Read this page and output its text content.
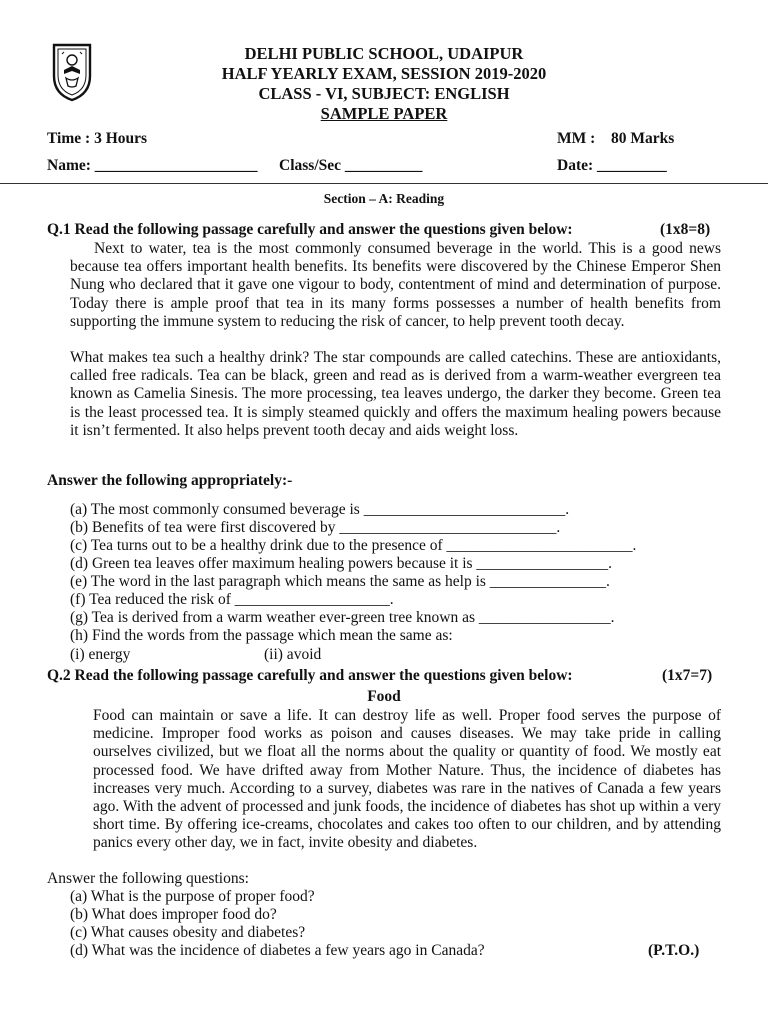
DELHI PUBLIC SCHOOL, UDAIPUR
HALF YEARLY EXAM, SESSION 2019-2020
CLASS - VI, SUBJECT: ENGLISH
SAMPLE PAPER
Time : 3 Hours	MM : 80 Marks
Name: _____________________ Class/Sec __________	Date: _________
Section – A: Reading
Q.1 Read the following passage carefully and answer the questions given below:	(1x8=8)
Next to water, tea is the most commonly consumed beverage in the world. This is a good news because tea offers important health benefits. Its benefits were discovered by the Chinese Emperor Shen Nung who declared that it gave one vigour to body, contentment of mind and determination of purpose. Today there is ample proof that tea in its many forms possesses a number of health benefits from supporting the immune system to reducing the risk of cancer, to help prevent tooth decay.
What makes tea such a healthy drink? The star compounds are called catechins. These are antioxidants, called free radicals. Tea can be black, green and read as is derived from a warm-weather evergreen tea known as Camelia Sinesis. The more processing, tea leaves undergo, the darker they become. Green tea is the least processed tea. It is simply steamed quickly and offers the maximum healing powers because it isn’t fermented. It also helps prevent tooth decay and aids weight loss.
Answer the following appropriately:-
(a) The most commonly consumed beverage is __________________________.
(b) Benefits of tea were first discovered by ____________________________.
(c) Tea turns out to be a healthy drink due to the presence of ________________________.
(d) Green tea leaves offer maximum healing powers because it is _________________.
(e) The word in the last paragraph which means the same as help is _______________.
(f) Tea reduced the risk of ____________________.
(g) Tea is derived from a warm weather ever-green tree known as _________________.
(h) Find the words from the passage which mean the same as:
(i) energy	(ii) avoid
Q.2 Read the following passage carefully and answer the questions given below:	(1x7=7)
Food
Food can maintain or save a life. It can destroy life as well. Proper food serves the purpose of medicine. Improper food works as poison and causes diseases. We may take pride in calling ourselves civilized, but we float all the norms about the quality or quantity of food. We mostly eat processed food. We have drifted away from Mother Nature. Thus, the incidence of diabetes has increases very much. According to a survey, diabetes was rare in the natives of Canada a few years ago. With the advent of processed and junk foods, the incidence of diabetes has shot up within a very short time. By offering ice-creams, chocolates and cakes too often to our children, and by attending panics every other day, we in fact, invite obesity and diabetes.
Answer the following questions:
(a) What is the purpose of proper food?
(b) What does improper food do?
(c) What causes obesity and diabetes?
(d) What was the incidence of diabetes a few years ago in Canada?	(P.T.O.)
